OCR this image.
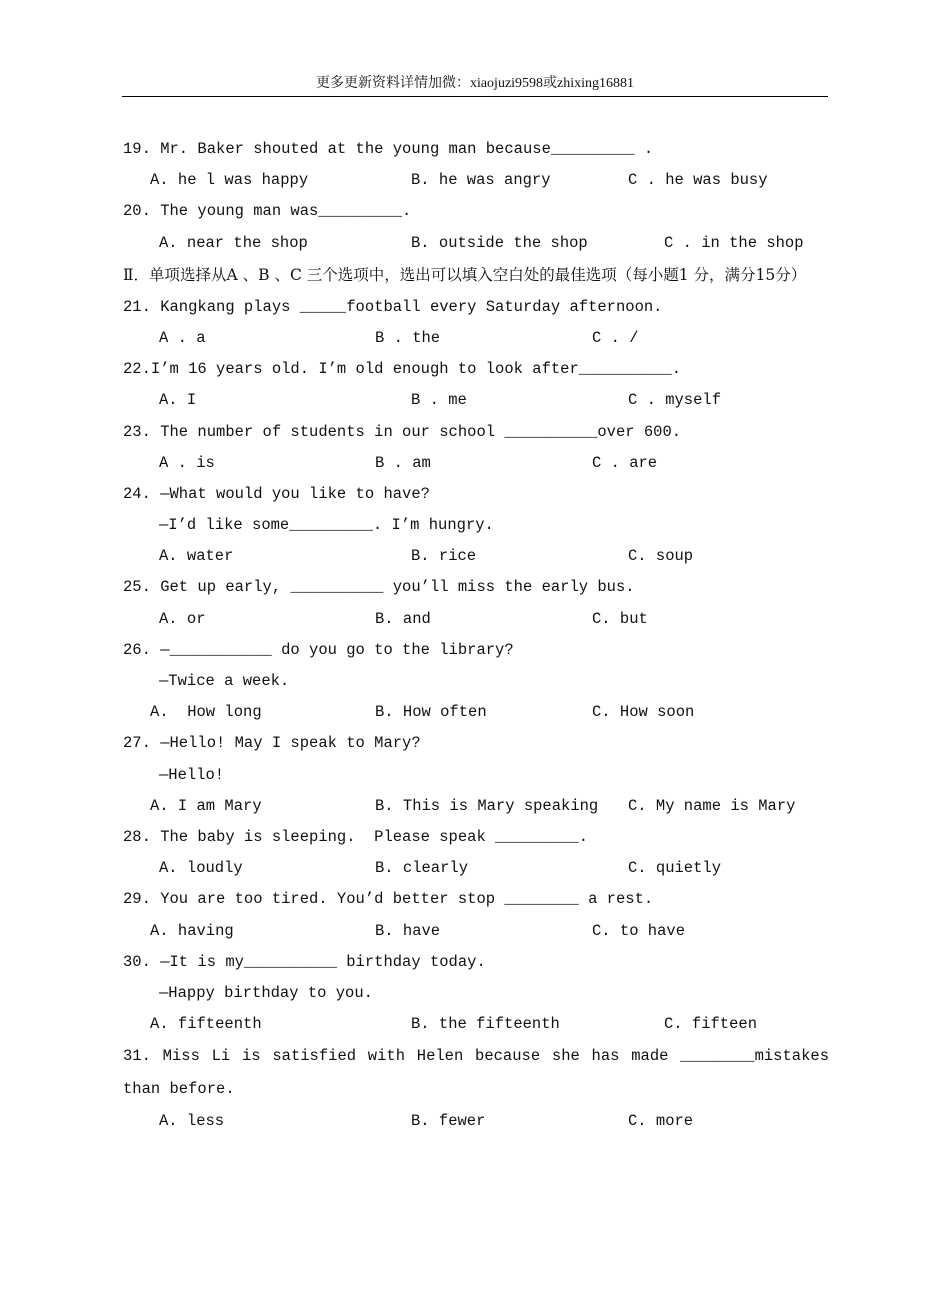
更多更新资料详情加微：xiaojuzi9598或zhixing16881
19. Mr. Baker shouted at the young man because_________ .
A. he l was happy	B. he was angry	C . he was busy
20. The young man was_________.
A. near the shop	B. outside the shop	C . in the shop
Ⅱ．单项选择从A 、B 、C 三个选项中，选出可以填入空白处的最佳选项（每小题1 分，满分15分）
21. Kangkang plays _____football every Saturday afternoon.
A . a	B . the	C . /
22.I’m 16 years old. I’m old enough to look after__________.
A. I	B . me	C . myself
23. The number of students in our school __________over 600.
A . is	B . am	C . are
24. —What would you like to have?
—I’d like some_________. I’m hungry.
A. water	B. rice	C. soup
25. Get up early, __________ you’ll miss the early bus.
A. or	B. and	C. but
26. —___________ do you go to the library?
—Twice a week.
A.  How long	B. How often	C. How soon
27. —Hello! May I speak to Mary?
—Hello!
A. I am Mary	B. This is Mary speaking C. My name is Mary
28. The baby is sleeping.  Please speak _________.
A. loudly	B. clearly	C. quietly
29. You are too tired. You’d better stop ________ a rest.
A. having	B. have	C. to have
30. —It is my__________ birthday today.
—Happy birthday to you.
A. fifteenth	B. the fifteenth	C. fifteen
31. Miss Li is satisfied with Helen because she has made ________mistakes than before.
A. less	B. fewer	C. more
